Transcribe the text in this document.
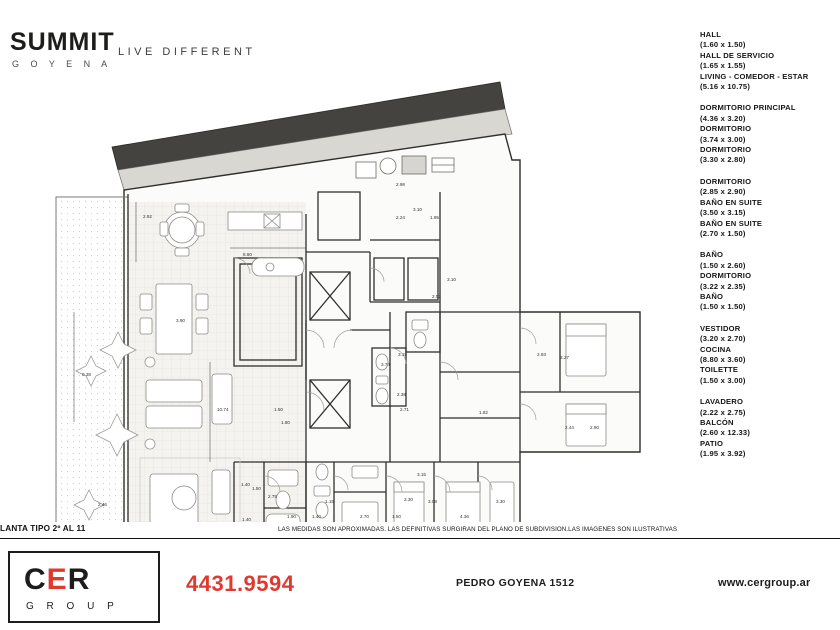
SUMMIT
G O Y E N A
LIVE DIFFERENT
8.80
2.24	1.95
2.98
3.10
2.92
3.90
0.38
10.74
2.52
3.10
3.74
3.15
2.38
2.71
1.82
2.93
3.27
2.44	2.90
1.50
1.80
1.40
1.50
1.40
2.75
1.90
1.15
1.40	2.70	1.50
3.30
3.15
3.08
4.36
3.30
2.46
HALL
(1.60 x 1.50)
HALL DE SERVICIO
(1.65 x 1.55)
LIVING - COMEDOR - ESTAR
(5.16 x 10.75)
DORMITORIO PRINCIPAL
(4.36 x 3.20)
DORMITORIO
(3.74 x 3.00)
DORMITORIO
(3.30 x 2.80)
DORMITORIO
(2.85 x 2.90)
BAÑO EN SUITE
(3.50 x 3.15)
BAÑO EN SUITE
(2.70 x 1.50)
BAÑO
(1.50 x 2.60)
DORMITORIO
(3.22 x 2.35)
BAÑO
(1.50 x 1.50)
VESTIDOR
(3.20 x 2.70)
COCINA
(8.80 x 3.60)
TOILETTE
(1.50 x 3.00)
LAVADERO
(2.22 x 2.75)
BALCÓN
(2.60 x 12.33)
PATIO
(1.95 x 3.92)
LANTA TIPO 2º AL 11	LAS MEDIDAS SON APROXIMADAS. LAS DEFINITIVAS SURGIRAN DEL PLANO DE SUBDIVISION.LAS IMAGENES SON ILUSTRATIVAS
CER
G R O U P
4431.9594	PEDRO GOYENA 1512	www.cergroup.ar
